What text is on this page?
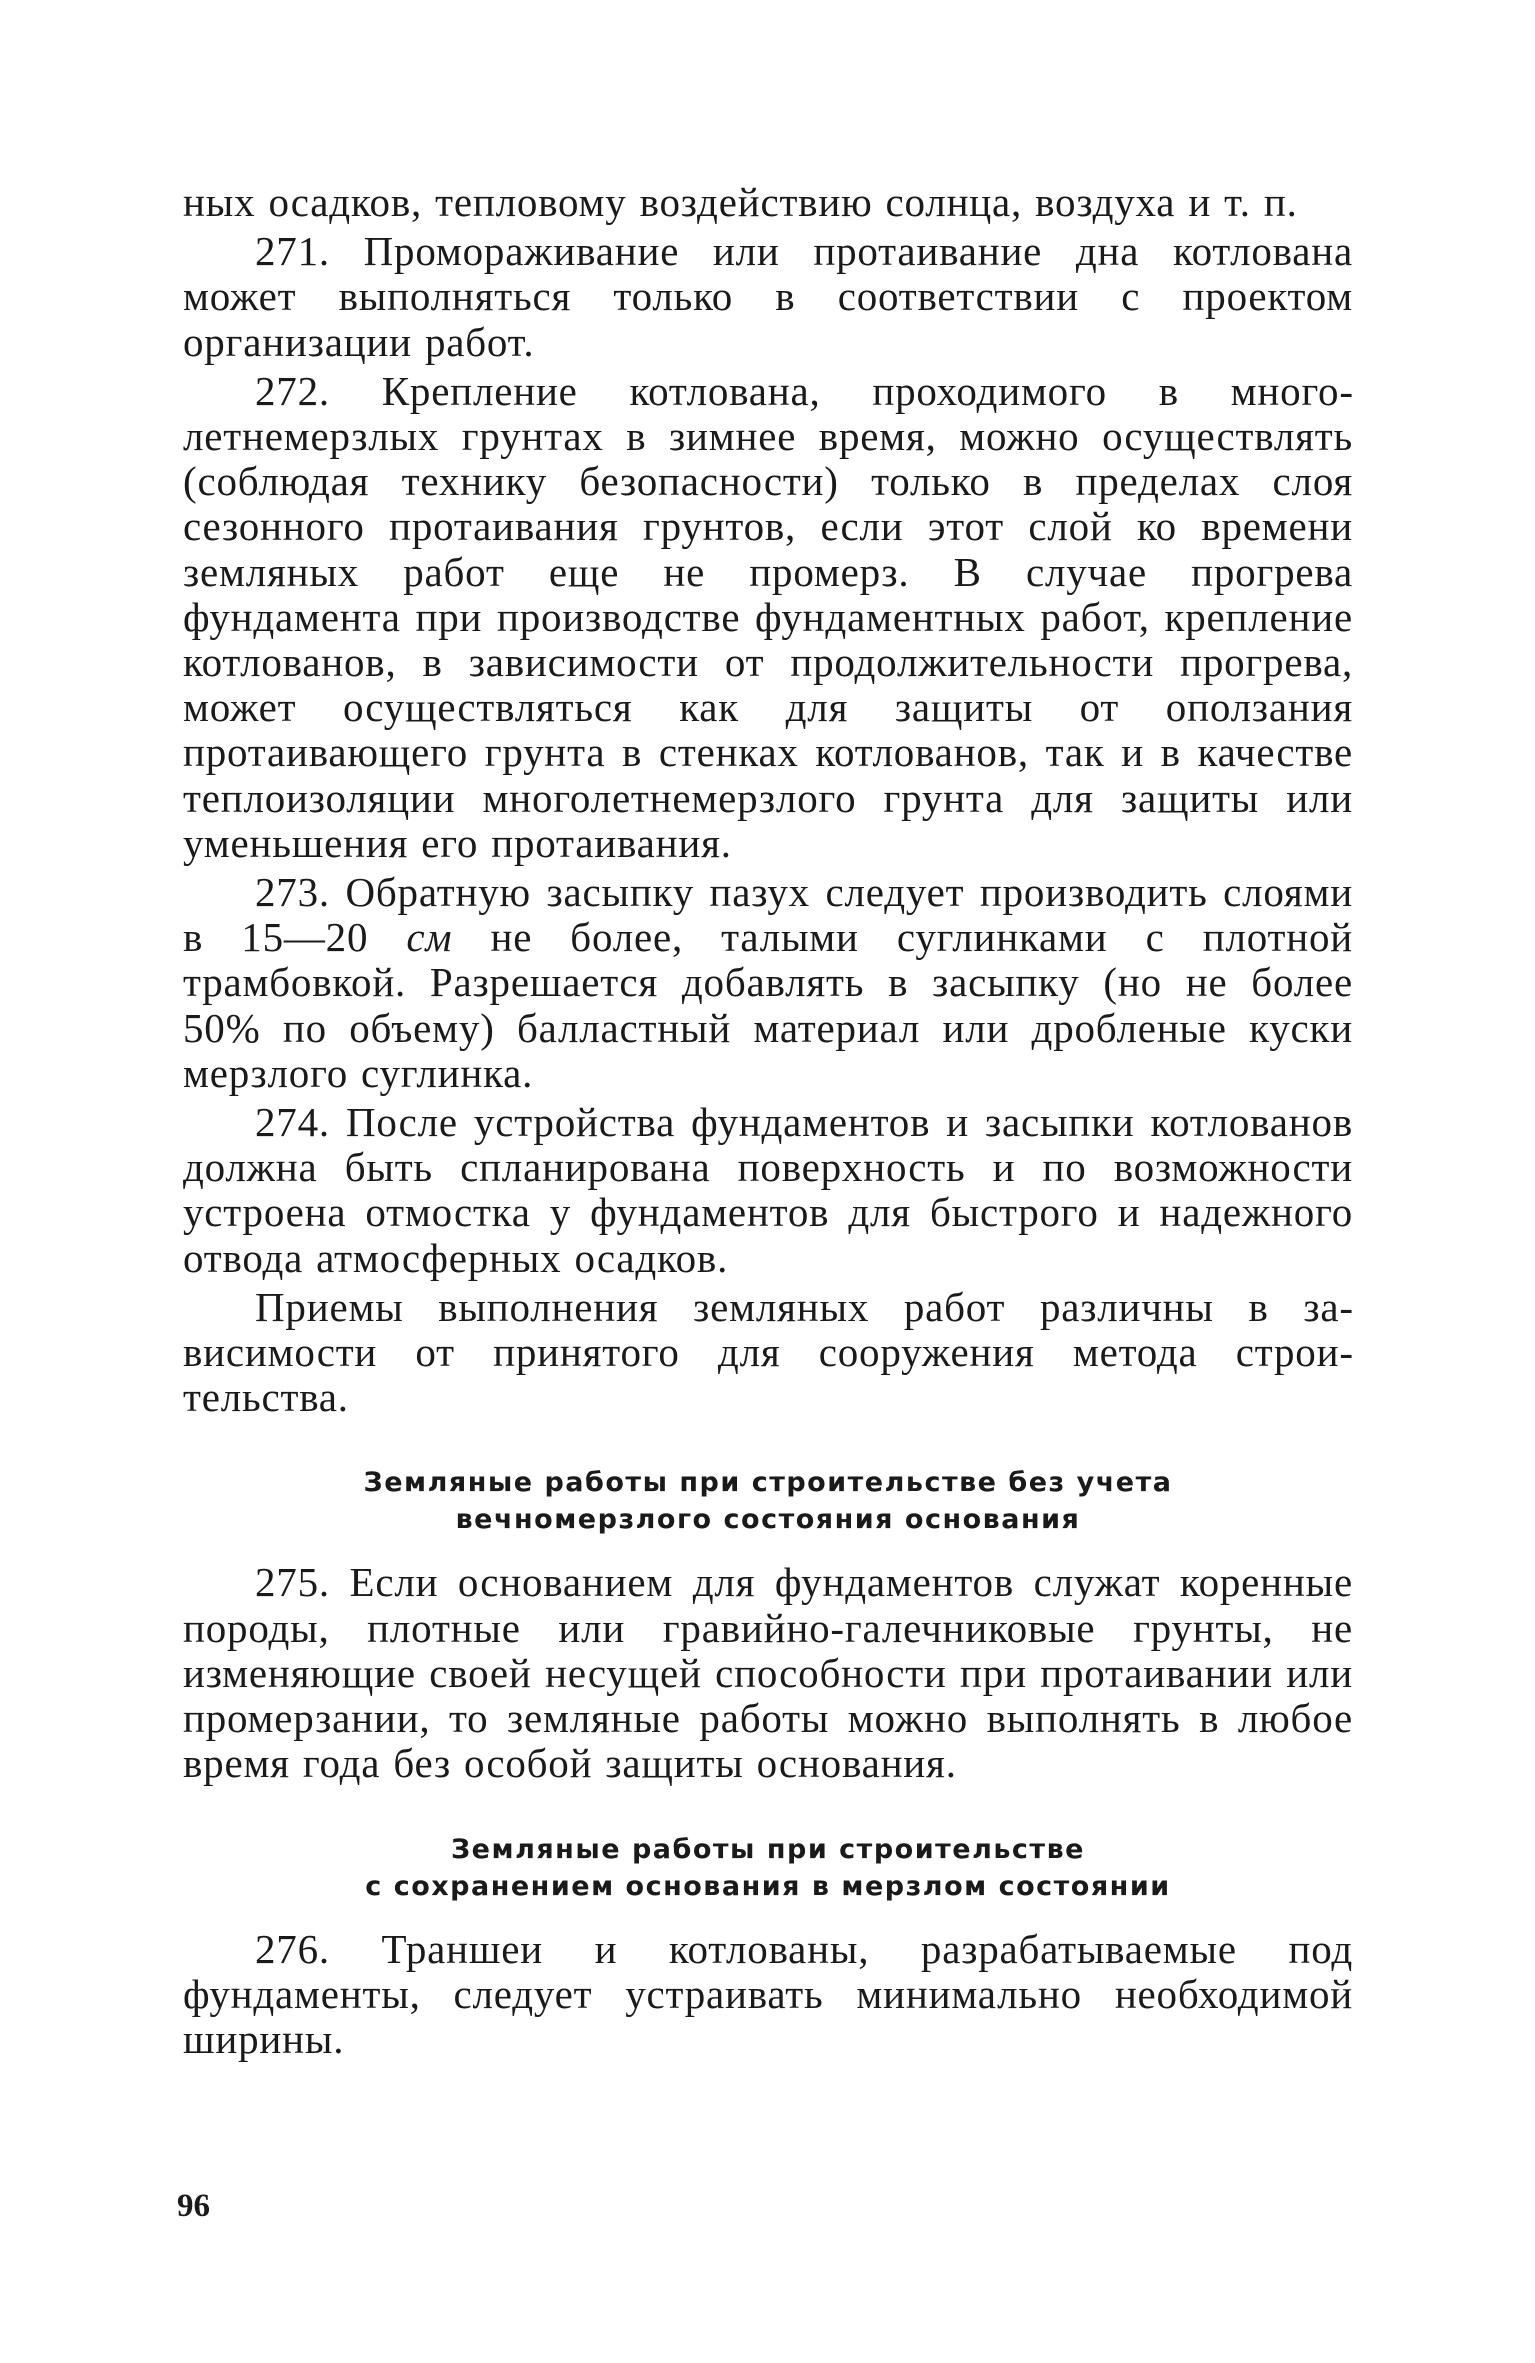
ных осадков, тепловому воздействию солнца, воздуха и т. п.

271. Промораживание или протаивание дна котлована может выполняться только в соответствии с проектом организации работ.

272. Крепление котлована, проходимого в многолетнемерзлых грунтах в зимнее время, можно осуществлять (соблюдая технику безопасности) только в пределах слоя сезонного протаивания грунтов, если этот слой ко времени земляных работ еще не промерз. В случае прогрева фундамента при производстве фундаментных работ, крепление котлованов, в зависимости от продолжительности прогрева, может осуществляться как для защиты от оползания протаивающего грунта в стенках котлованов, так и в качестве теплоизоляции многолетнемерзлого грунта для защиты или уменьшения его протаивания.

273. Обратную засыпку пазух следует производить слоями в 15—20 см не более, талыми суглинками с плотной трамбовкой. Разрешается добавлять в засыпку (но не более 50% по объему) балластный материал или дробленые куски мерзлого суглинка.

274. После устройства фундаментов и засыпки котлованов должна быть спланирована поверхность и по возможности устроена отмостка у фундаментов для быстрого и надежного отвода атмосферных осадков.

Приемы выполнения земляных работ различны в зависимости от принятого для сооружения метода строительства.

Земляные работы при строительстве без учета

вечномерзлого состояния основания

275. Если основанием для фундаментов служат коренные породы, плотные или гравийно-галечниковые грунты, не изменяющие своей несущей способности при протаивании или промерзании, то земляные работы можно выполнять в любое время года без особой защиты основания.

Земляные работы при строительстве

с сохранением основания в мерзлом состоянии

276. Траншеи и котлованы, разрабатываемые под фундаменты, следует устраивать минимально необходимой ширины.

96
